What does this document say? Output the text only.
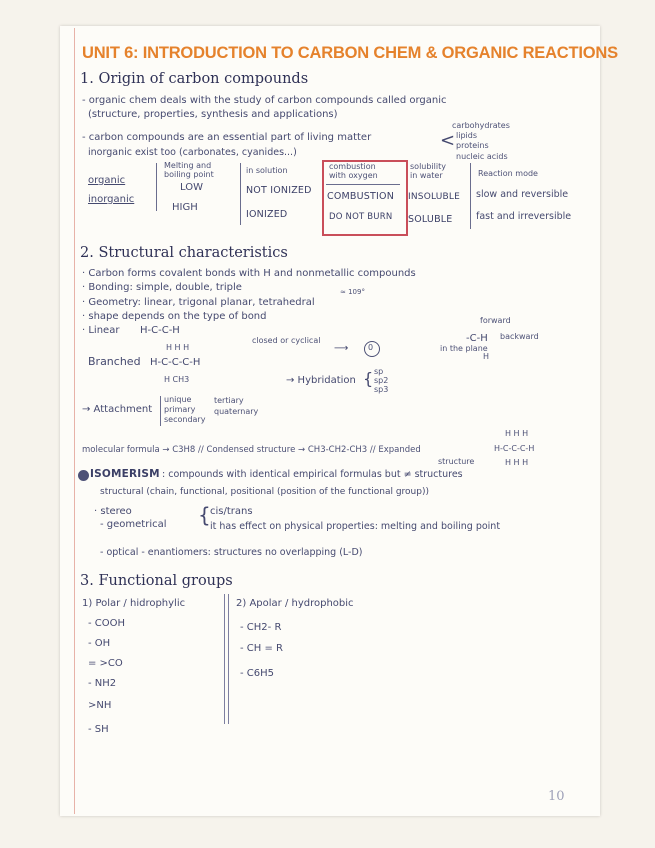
UNIT 6: INTRODUCTION TO CARBON CHEM & ORGANIC REACTIONS
1. Origin of carbon compounds
- organic chem deals with the study of carbon compounds called organic
(structure, properties, synthesis and applications)
- carbon compounds are an essential part of living matter	<
carbohydrates
lipids
proteins
nucleic acids
inorganic exist too (carbonates, cyanides...)
organic
inorganic
Melting and
boiling point
LOW
HIGH
in solution
NOT IONIZED
IONIZED
combustion
with oxygen
COMBUSTION
DO NOT BURN
solubility
in water
INSOLUBLE
SOLUBLE
Reaction mode
slow and reversible
fast and irreversible
2. Structural characteristics
· Carbon forms covalent bonds with H and nonmetallic compounds
· Bonding: simple, double, triple
· Geometry: linear, trigonal planar, tetrahedral
≈ 109°
· shape depends on the type of bond
· Linear H-C-C-H
Branched
H H H
H-C-C-C-H
H CH3
closed or cyclical
⟶ 0
forward
-C-H backward
in the plane
H
→ Hybridation { sp
sp2
sp3
→ Attachment
unique
primary
secondary
tertiary
quaternary
molecular formula → C3H8 // Condensed structure → CH3-CH2-CH3 // Expanded
structure
H H H
H-C-C-C-H
H H H
ISOMERISM : compounds with identical empirical formulas but ≠ structures
structural (chain, functional, positional (position of the functional group))
· stereo
- geometrical { cis/trans
it has effect on physical properties: melting and boiling point
- optical - enantiomers: structures no overlapping (L-D)
3. Functional groups
1) Polar / hidrophylic	2) Apolar / hydrophobic
- COOH
- OH
= >CO
- NH2
>NH
- SH
- CH2- R
- CH = R
- C6H5
10
